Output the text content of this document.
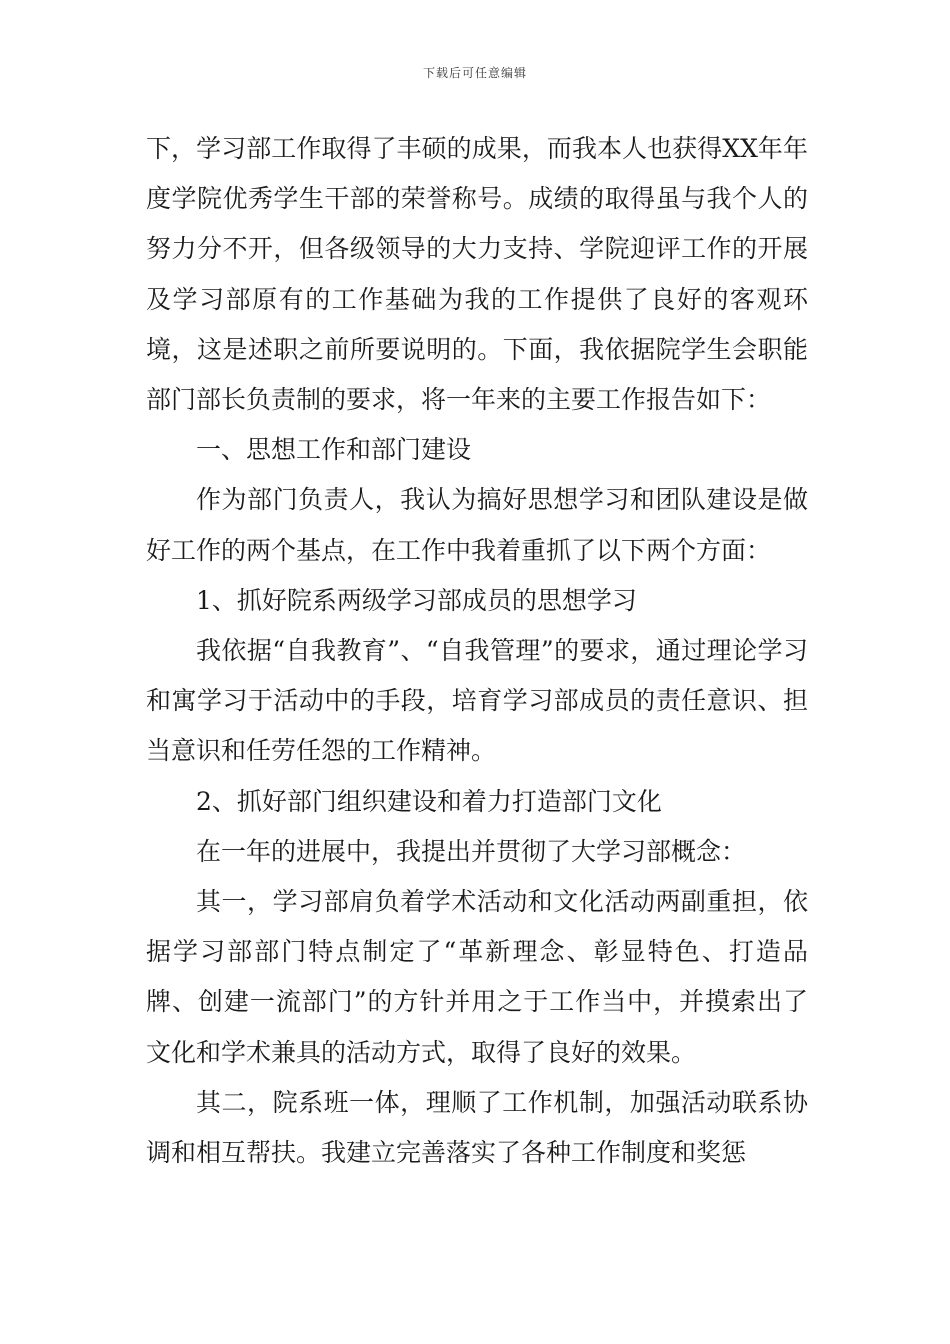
下载后可任意编辑

下，学习部工作取得了丰硕的成果，而我本人也获得XX年年度学院优秀学生干部的荣誉称号。成绩的取得虽与我个人的努力分不开，但各级领导的大力支持、学院迎评工作的开展及学习部原有的工作基础为我的工作提供了良好的客观环境，这是述职之前所要说明的。下面，我依据院学生会职能部门部长负责制的要求，将一年来的主要工作报告如下：

一、思想工作和部门建设

作为部门负责人，我认为搞好思想学习和团队建设是做好工作的两个基点，在工作中我着重抓了以下两个方面：

1、抓好院系两级学习部成员的思想学习

我依据“自我教育”、“自我管理”的要求，通过理论学习和寓学习于活动中的手段，培育学习部成员的责任意识、担当意识和任劳任怨的工作精神。

2、抓好部门组织建设和着力打造部门文化

在一年的进展中，我提出并贯彻了大学习部概念：

其一，学习部肩负着学术活动和文化活动两副重担，依据学习部部门特点制定了“革新理念、彰显特色、打造品牌、创建一流部门”的方针并用之于工作当中，并摸索出了文化和学术兼具的活动方式，取得了良好的效果。

其二，院系班一体，理顺了工作机制，加强活动联系协调和相互帮扶。我建立完善落实了各种工作制度和奖惩
